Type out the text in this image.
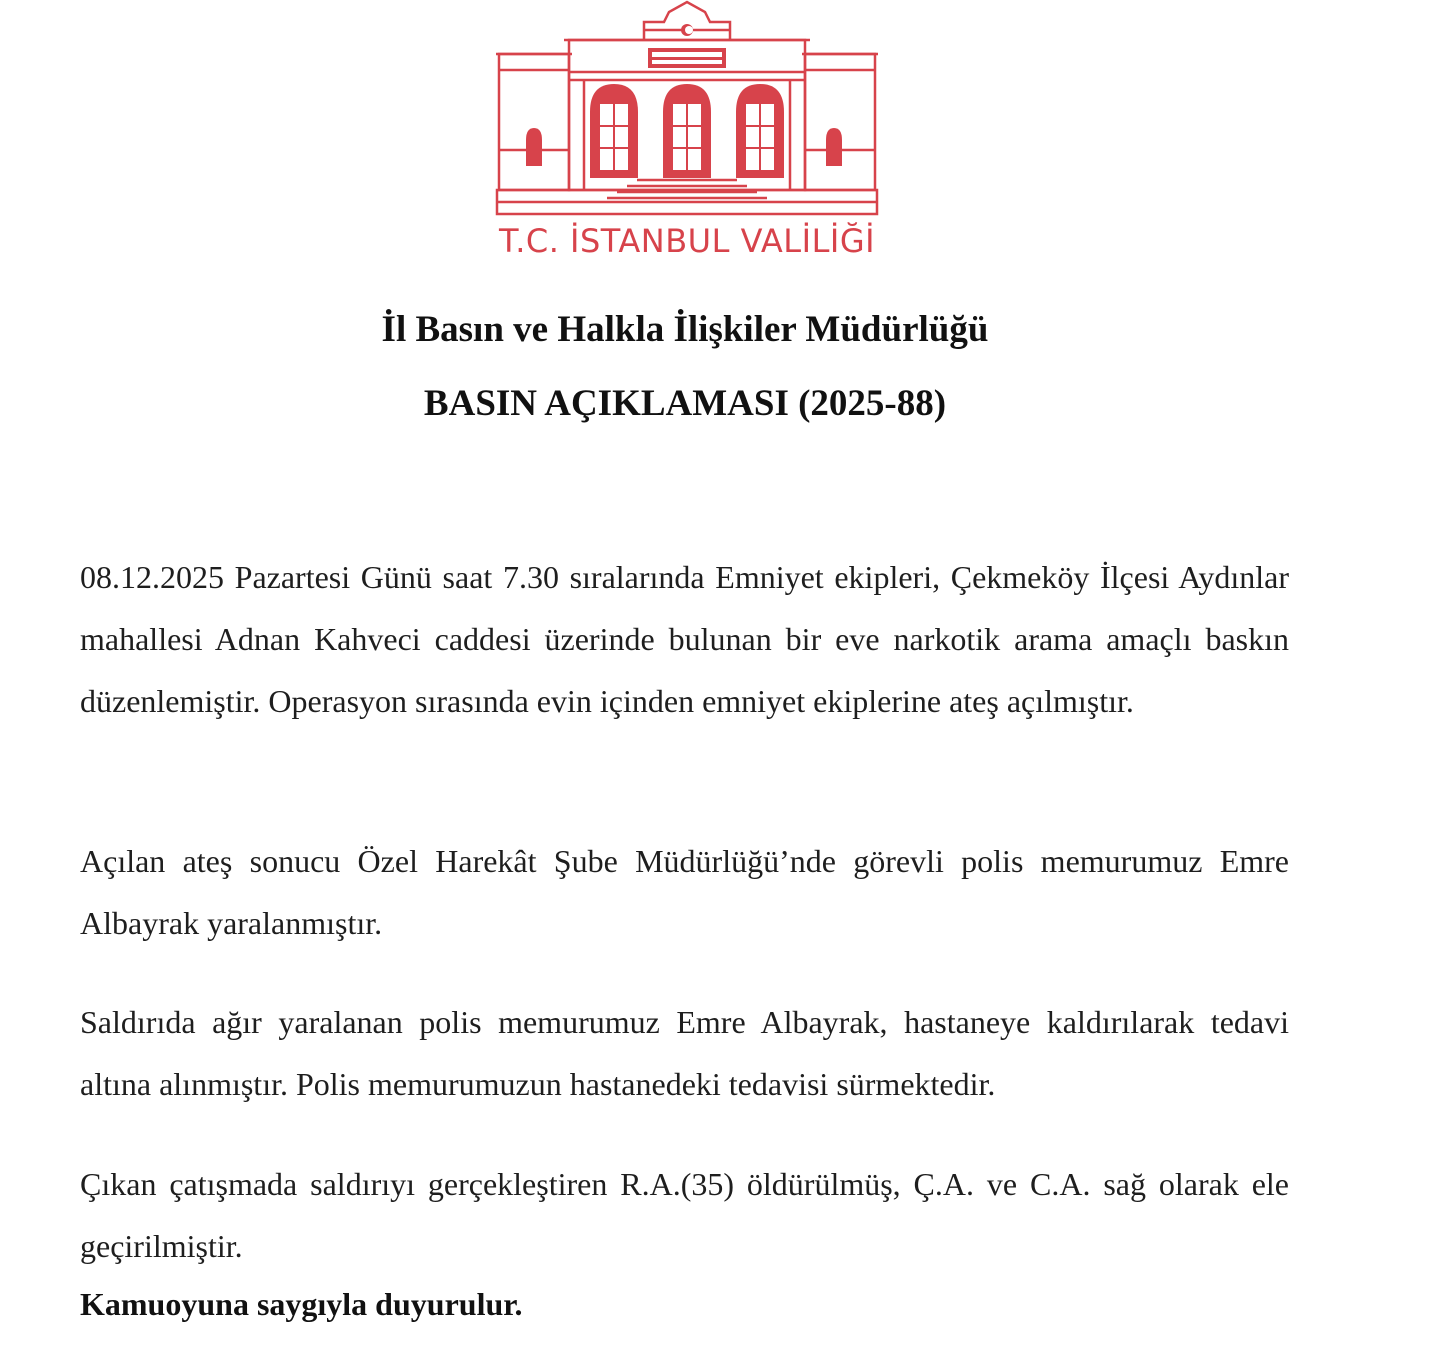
T.C. İSTANBUL VALİLİĞİ
İl Basın ve Halkla İlişkiler Müdürlüğü
BASIN AÇIKLAMASI (2025-88)
08.12.2025 Pazartesi Günü saat 7.30 sıralarında Emniyet ekipleri, Çekmeköy İlçesi Aydınlar mahallesi Adnan Kahveci caddesi üzerinde bulunan bir eve narkotik arama amaçlı baskın düzenlemiştir. Operasyon sırasında evin içinden emniyet ekiplerine ateş açılmıştır.
Açılan ateş sonucu Özel Harekât Şube Müdürlüğü’nde görevli polis memurumuz Emre Albayrak yaralanmıştır.
Saldırıda ağır yaralanan polis memurumuz Emre Albayrak, hastaneye kaldırılarak tedavi altına alınmıştır. Polis memurumuzun hastanedeki tedavisi sürmektedir.
Çıkan çatışmada saldırıyı gerçekleştiren R.A.(35) öldürülmüş, Ç.A. ve C.A. sağ olarak ele geçirilmiştir.
Kamuoyuna saygıyla duyurulur.
